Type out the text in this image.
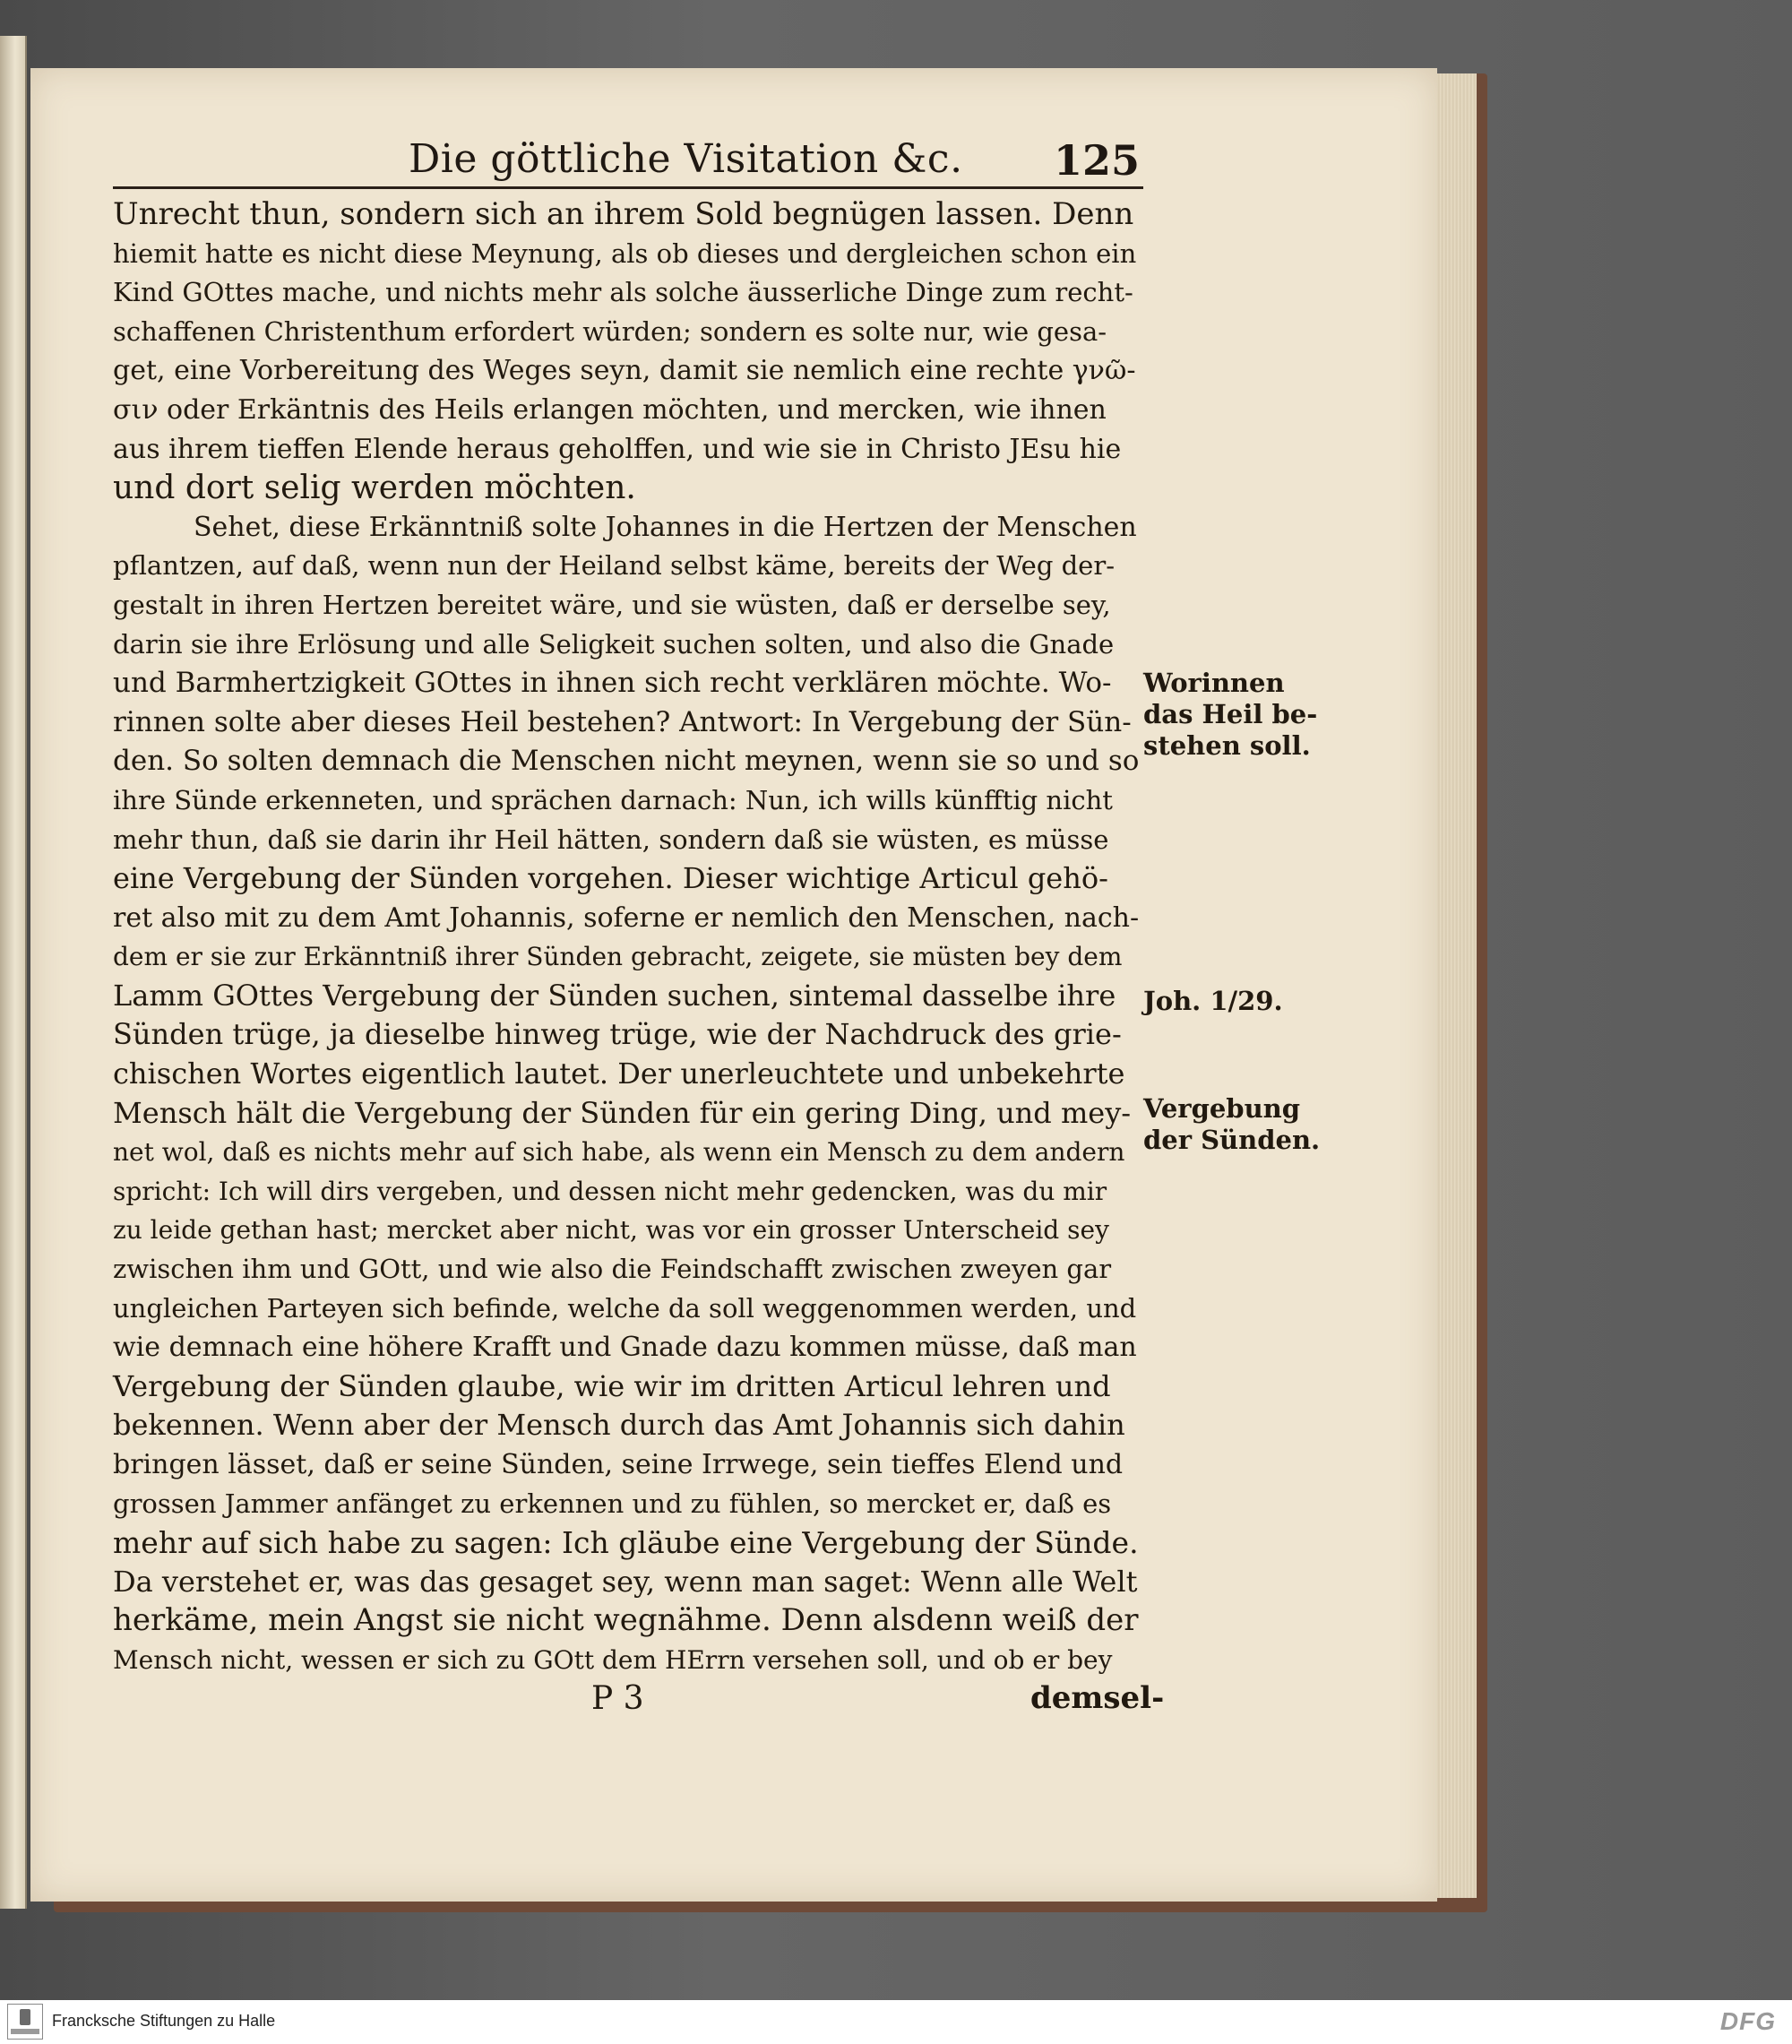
Die göttliche Visitation &c. 125
Unrecht thun, sondern sich an ihrem Sold begnügen lassen. Denn
hiemit hatte es nicht diese Meynung, als ob dieses und dergleichen schon ein
Kind GOttes mache, und nichts mehr als solche äusserliche Dinge zum recht-
schaffenen Christenthum erfordert würden; sondern es solte nur, wie gesa-
get, eine Vorbereitung des Weges seyn, damit sie nemlich eine rechte γνῶ-
σιν oder Erkäntnis des Heils erlangen möchten, und mercken, wie ihnen
aus ihrem tieffen Elende heraus geholffen, und wie sie in Christo JEsu hie
und dort selig werden möchten.
Sehet, diese Erkänntniß solte Johannes in die Hertzen der Menschen
pflantzen, auf daß, wenn nun der Heiland selbst käme, bereits der Weg der-
gestalt in ihren Hertzen bereitet wäre, und sie wüsten, daß er derselbe sey,
darin sie ihre Erlösung und alle Seligkeit suchen solten, und also die Gnade
und Barmhertzigkeit GOttes in ihnen sich recht verklären möchte. Wo-
rinnen solte aber dieses Heil bestehen? Antwort: In Vergebung der Sün-
den. So solten demnach die Menschen nicht meynen, wenn sie so und so
ihre Sünde erkenneten, und sprächen darnach: Nun, ich wills künfftig nicht
mehr thun, daß sie darin ihr Heil hätten, sondern daß sie wüsten, es müsse
eine Vergebung der Sünden vorgehen. Dieser wichtige Articul gehö-
ret also mit zu dem Amt Johannis, soferne er nemlich den Menschen, nach-
dem er sie zur Erkänntniß ihrer Sünden gebracht, zeigete, sie müsten bey dem
Lamm GOttes Vergebung der Sünden suchen, sintemal dasselbe ihre
Sünden trüge, ja dieselbe hinweg trüge, wie der Nachdruck des grie-
chischen Wortes eigentlich lautet. Der unerleuchtete und unbekehrte
Mensch hält die Vergebung der Sünden für ein gering Ding, und mey-
net wol, daß es nichts mehr auf sich habe, als wenn ein Mensch zu dem andern
spricht: Ich will dirs vergeben, und dessen nicht mehr gedencken, was du mir
zu leide gethan hast; mercket aber nicht, was vor ein grosser Unterscheid sey
zwischen ihm und GOtt, und wie also die Feindschafft zwischen zweyen gar
ungleichen Parteyen sich befinde, welche da soll weggenommen werden, und
wie demnach eine höhere Krafft und Gnade dazu kommen müsse, daß man
Vergebung der Sünden glaube, wie wir im dritten Articul lehren und
bekennen. Wenn aber der Mensch durch das Amt Johannis sich dahin
bringen lässet, daß er seine Sünden, seine Irrwege, sein tieffes Elend und
grossen Jammer anfänget zu erkennen und zu fühlen, so mercket er, daß es
mehr auf sich habe zu sagen: Ich gläube eine Vergebung der Sünde.
Da verstehet er, was das gesaget sey, wenn man saget: Wenn alle Welt
herkäme, mein Angst sie nicht wegnähme. Denn alsdenn weiß der
Mensch nicht, wessen er sich zu GOtt dem HErrn versehen soll, und ob er bey
Worinnen
das Heil be-
stehen soll.
Joh. 1/29.
Vergebung
der Sünden.
P 3	demsel-
Francksche Stiftungen zu Halle	DFG
